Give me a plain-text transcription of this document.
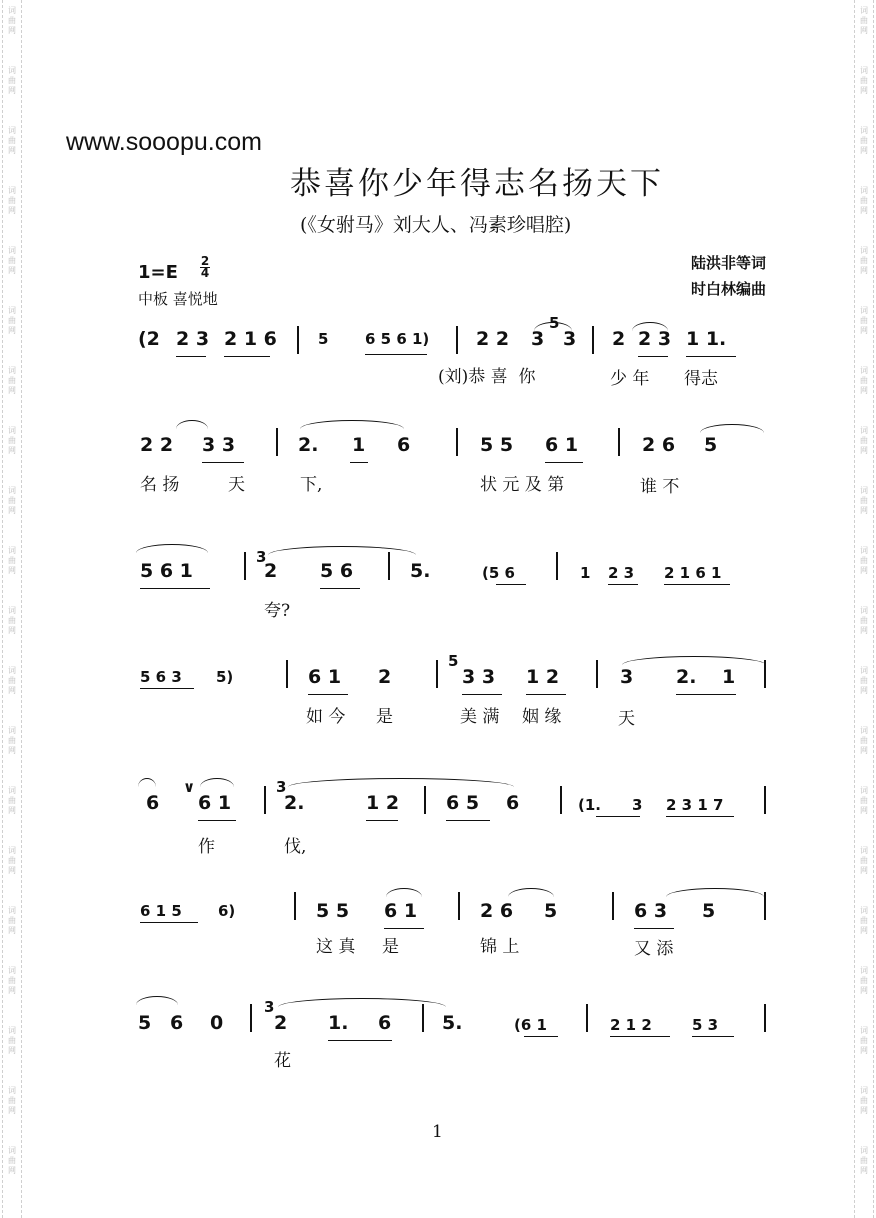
词
曲
网
词
曲
网
词
曲
网
词
曲
网
词
曲
网
词
曲
网
词
曲
网
词
曲
网
词
曲
网
词
曲
网
词
曲
网
词
曲
网
词
曲
网
词
曲
网
词
曲
网
词
曲
网
词
曲
网
词
曲
网
词
曲
网
词
曲
网
词
曲
网
词
曲
网
词
曲
网
词
曲
网
词
曲
网
词
曲
网
词
曲
网
词
曲
网
词
曲
网
词
曲
网
词
曲
网
词
曲
网
词
曲
网
词
曲
网
词
曲
网
词
曲
网
词
曲
网
词
曲
网
词
曲
网
词
曲
网
www.sooopu.com
恭喜你少年得志名扬天下
(《女驸马》刘大人、冯素珍唱腔)
1=E
2
4
中板 喜悦地
陆洪非等词
时白林编曲
(2 2 3 2 1 6	5 6 5 6 1) 2 2 3
5
3 2 2 3 1 1.
(刘)恭 喜  你	少 年 得志
2 2 3 3	2. 1 6	5 5 6 1	2 6 5
名 扬	天	下,	状 元 及 第	谁 不
5 6 1
3
2 5 6	5.	(5 6	1 2 3 2 1 6 1
夸?
5 6 3 5)	6 1 2
5
3 3 1 2	3 2. 1
如 今 是	美 满 姻 缘	天
6
∨
6 1
3
2.	1 2 6 5 6	(1. 3 2 3 1 7
作	伐,
6 1 5 6)	5 5 6 1	2 6 5	6 3 5
这 真 是	锦 上	又 添
5 6 0
3
2 1. 6	5.	(6 1	2 1 2	5 3
花
1
